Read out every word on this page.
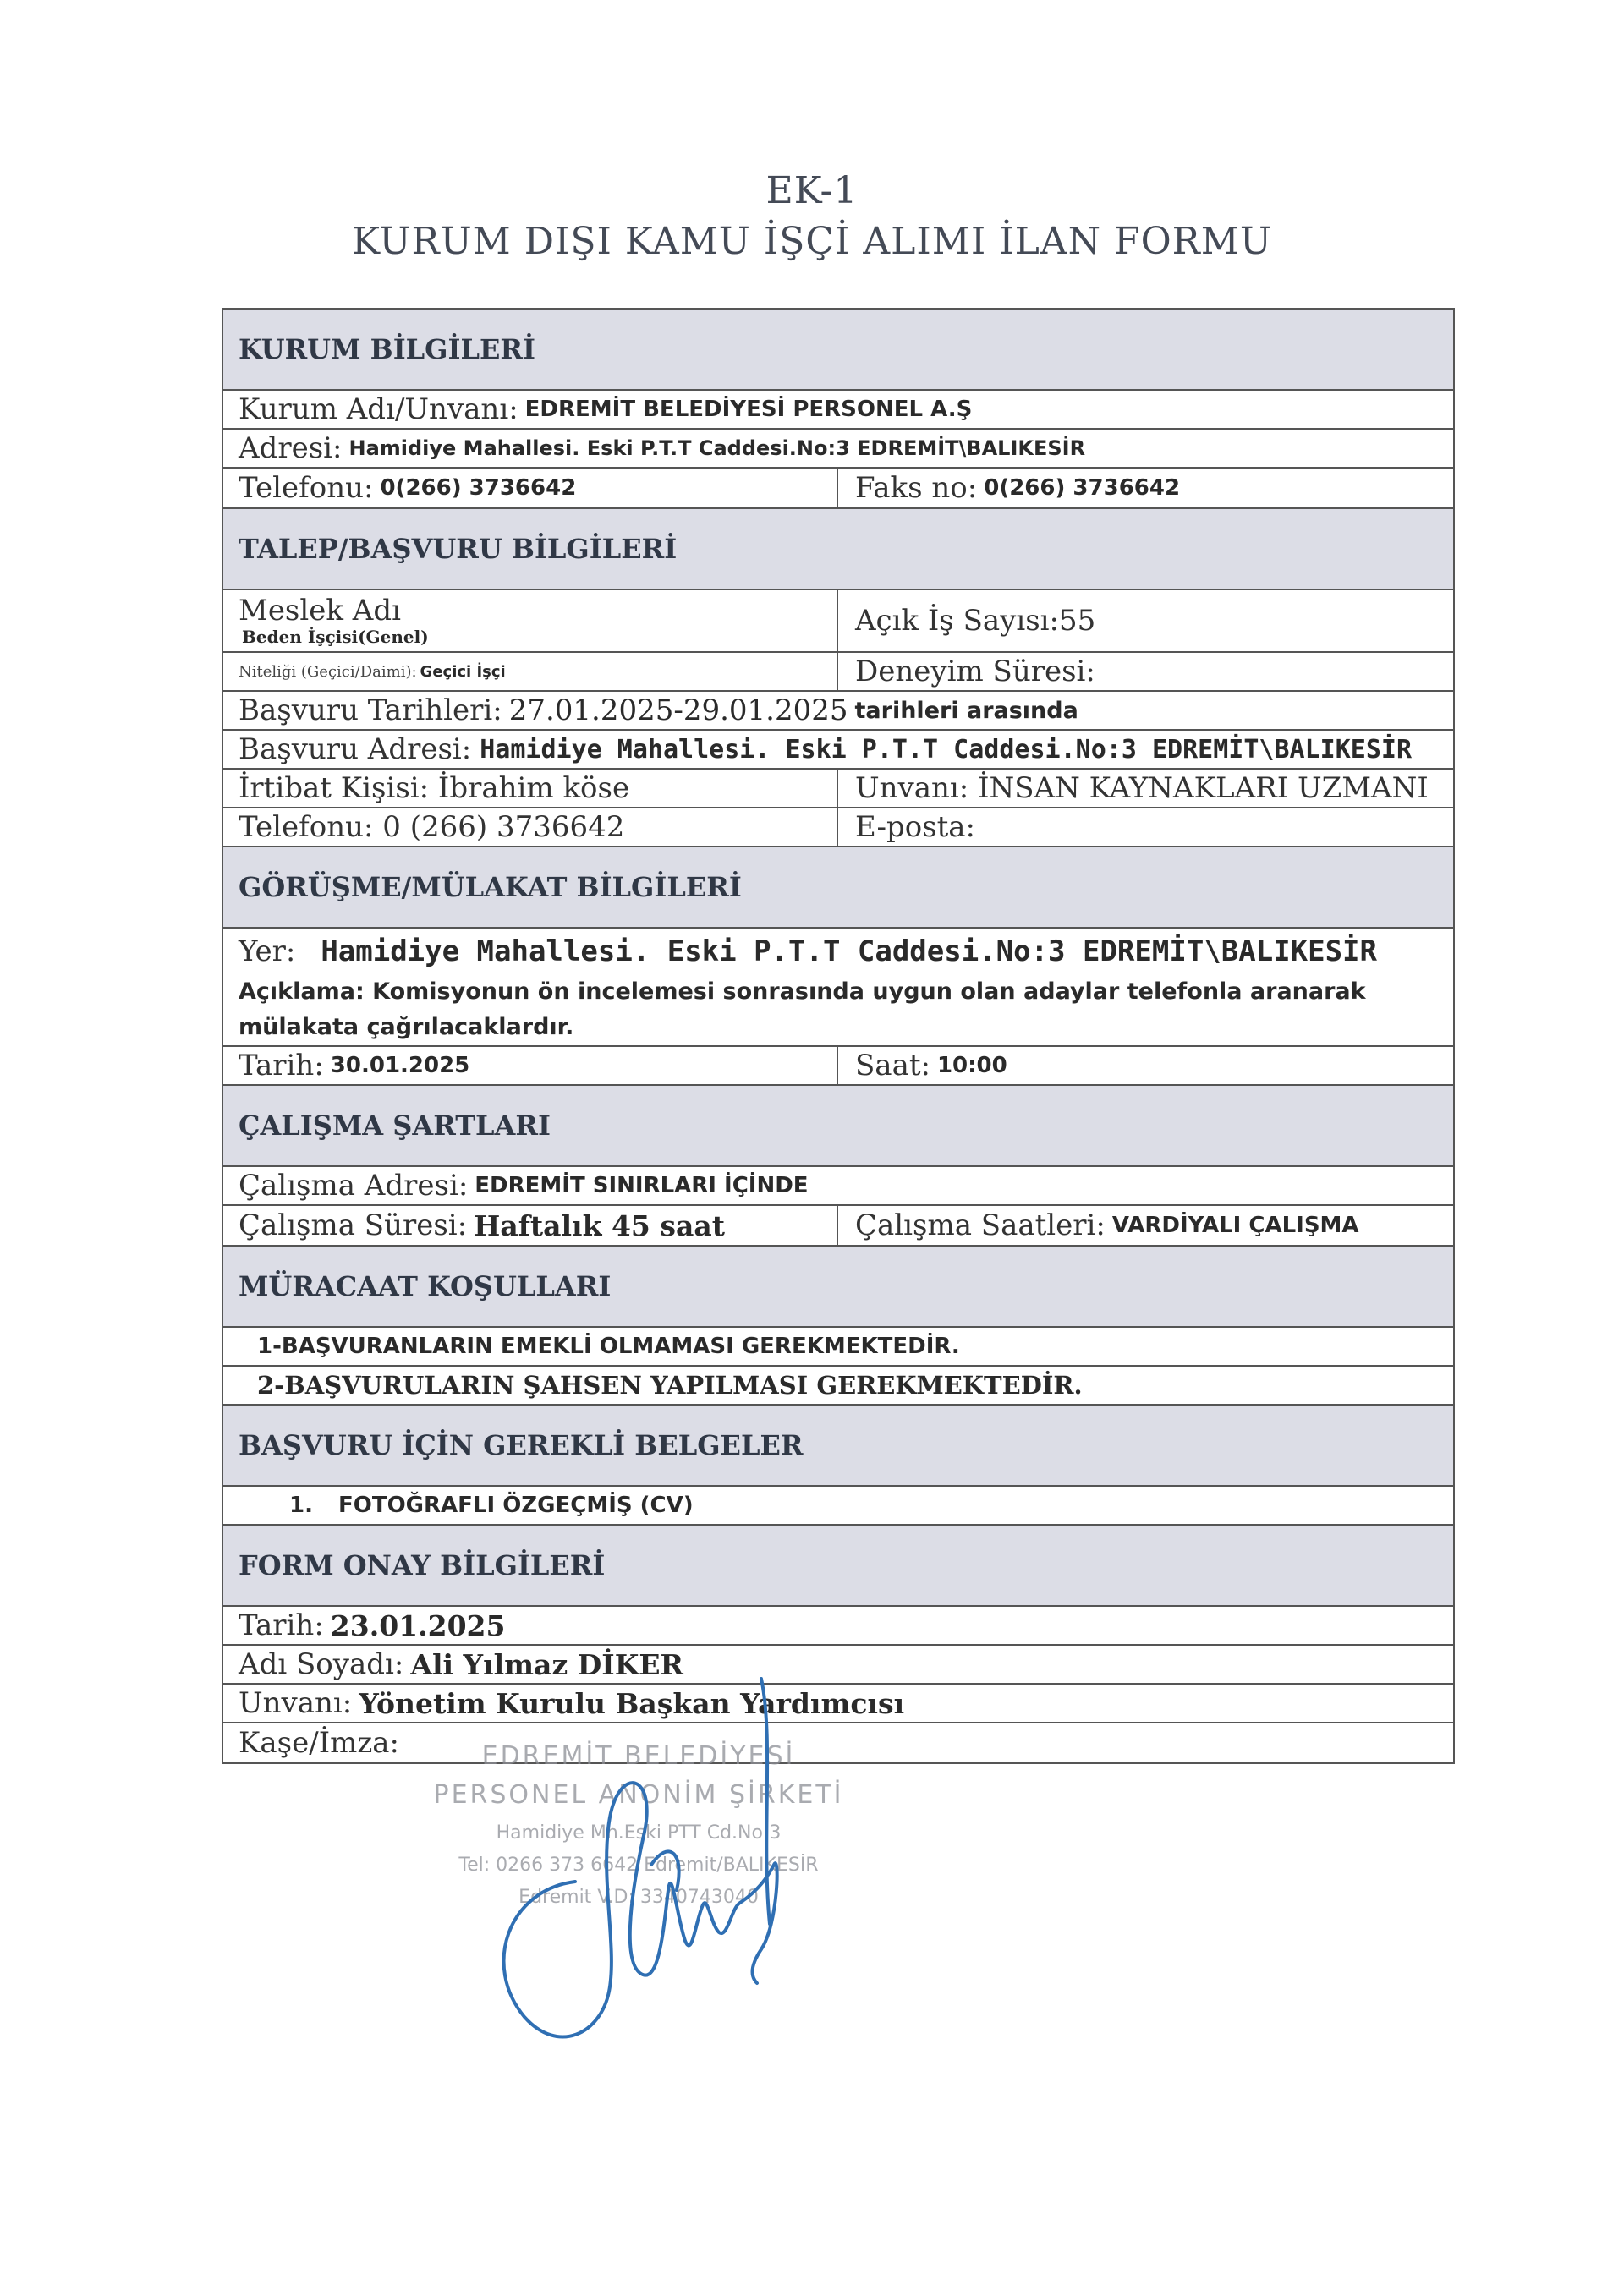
EK-1
KURUM DIŞI KAMU İŞÇİ ALIMI İLAN FORMU
KURUM BİLGİLERİ
Kurum Adı/Unvanı: EDREMİT BELEDİYESİ PERSONEL A.Ş
Adresi: Hamidiye Mahallesi. Eski P.T.T Caddesi.No:3 EDREMİT\BALIKESİR
Telefonu: 0(266) 3736642	Faks no: 0(266) 3736642
TALEP/BAŞVURU BİLGİLERİ
Meslek Adı
Beden İşçisi(Genel)	Açık İş Sayısı:55
Niteliği (Geçici/Daimi): Geçici İşçi	Deneyim Süresi:
Başvuru Tarihleri: 27.01.2025-29.01.2025 tarihleri arasında
Başvuru Adresi: Hamidiye Mahallesi. Eski P.T.T Caddesi.No:3 EDREMİT\BALIKESİR
İrtibat Kişisi: İbrahim köse	Unvanı: İNSAN KAYNAKLARI UZMANI
Telefonu: 0 (266) 3736642	E-posta:
GÖRÜŞME/MÜLAKAT BİLGİLERİ
Yer: Hamidiye Mahallesi. Eski P.T.T Caddesi.No:3 EDREMİT\BALIKESİR
Açıklama: Komisyonun ön incelemesi sonrasında uygun olan adaylar telefonla aranarak
mülakata çağrılacaklardır.
Tarih: 30.01.2025	Saat: 10:00
ÇALIŞMA ŞARTLARI
Çalışma Adresi: EDREMİT SINIRLARI İÇİNDE
Çalışma Süresi: Haftalık 45 saat	Çalışma Saatleri: VARDİYALI ÇALIŞMA
MÜRACAAT KOŞULLARI
1-BAŞVURANLARIN EMEKLİ OLMAMASI GEREKMEKTEDİR.
2-BAŞVURULARIN ŞAHSEN YAPILMASI GEREKMEKTEDİR.
BAŞVURU İÇİN GEREKLİ BELGELER
1.	FOTOĞRAFLI ÖZGEÇMİŞ (CV)
FORM ONAY BİLGİLERİ
Tarih: 23.01.2025
Adı Soyadı: Ali Yılmaz DİKER
Unvanı: Yönetim Kurulu Başkan Yardımcısı
Kaşe/İmza:	EDREMİT BELEDİYESİ
PERSONEL ANONİM ŞİRKETİ
Hamidiye Mh.Eski PTT Cd.No:3
Tel: 0266 373 6642 Edremit/BALIKESİR
Edremit V.D: 3340743040
